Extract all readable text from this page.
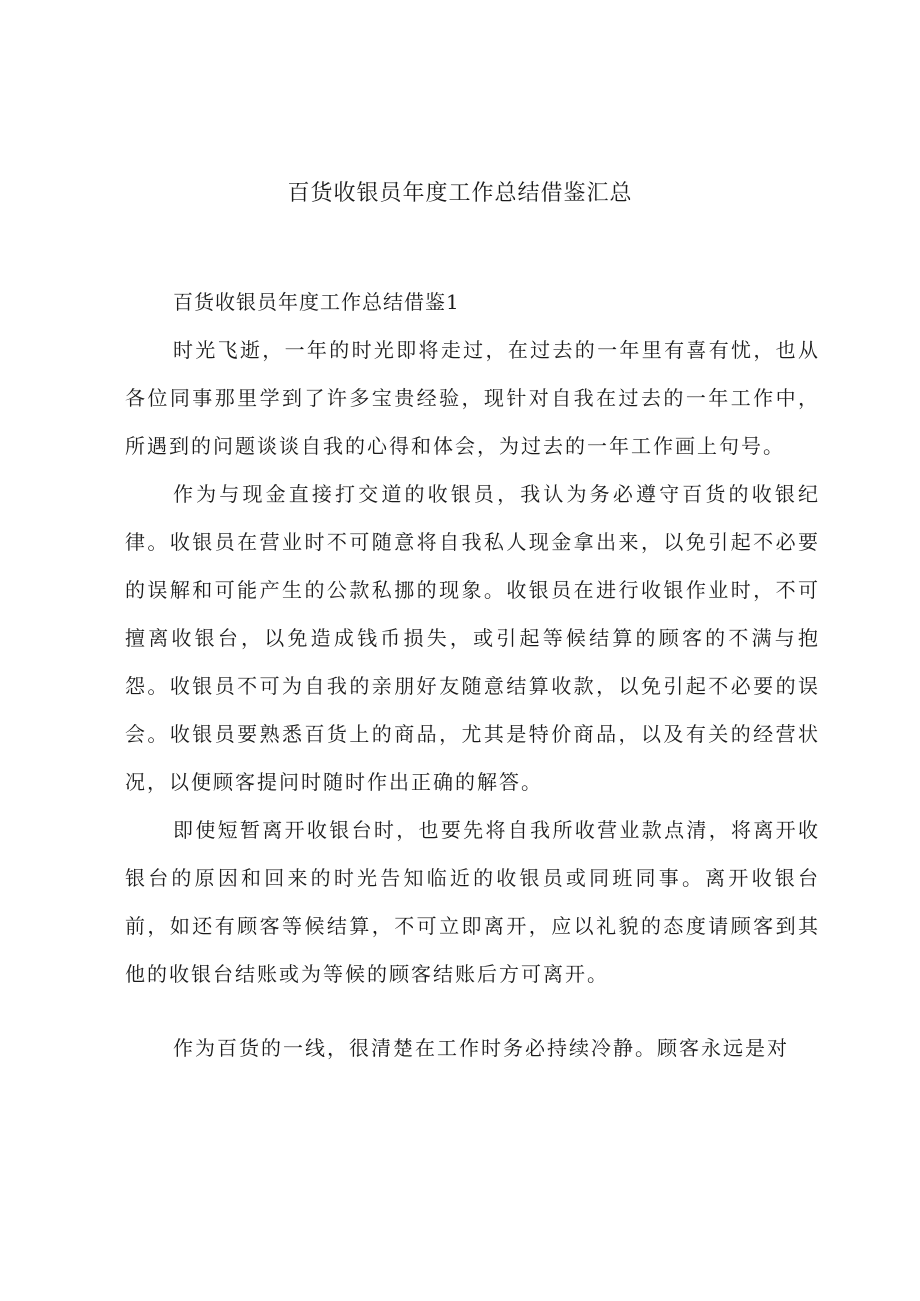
百货收银员年度工作总结借鉴汇总
百货收银员年度工作总结借鉴1

时光飞逝，一年的时光即将走过，在过去的一年里有喜有忧，也从各位同事那里学到了许多宝贵经验，现针对自我在过去的一年工作中，所遇到的问题谈谈自我的心得和体会，为过去的一年工作画上句号。

作为与现金直接打交道的收银员，我认为务必遵守百货的收银纪律。收银员在营业时不可随意将自我私人现金拿出来，以免引起不必要的误解和可能产生的公款私挪的现象。收银员在进行收银作业时，不可擅离收银台，以免造成钱币损失，或引起等候结算的顾客的不满与抱怨。收银员不可为自我的亲朋好友随意结算收款，以免引起不必要的误会。收银员要熟悉百货上的商品，尤其是特价商品，以及有关的经营状况，以便顾客提问时随时作出正确的解答。

即使短暂离开收银台时，也要先将自我所收营业款点清，将离开收银台的原因和回来的时光告知临近的收银员或同班同事。离开收银台前，如还有顾客等候结算，不可立即离开，应以礼貌的态度请顾客到其他的收银台结账或为等候的顾客结账后方可离开。

作为百货的一线，很清楚在工作时务必持续冷静。顾客永远是对
